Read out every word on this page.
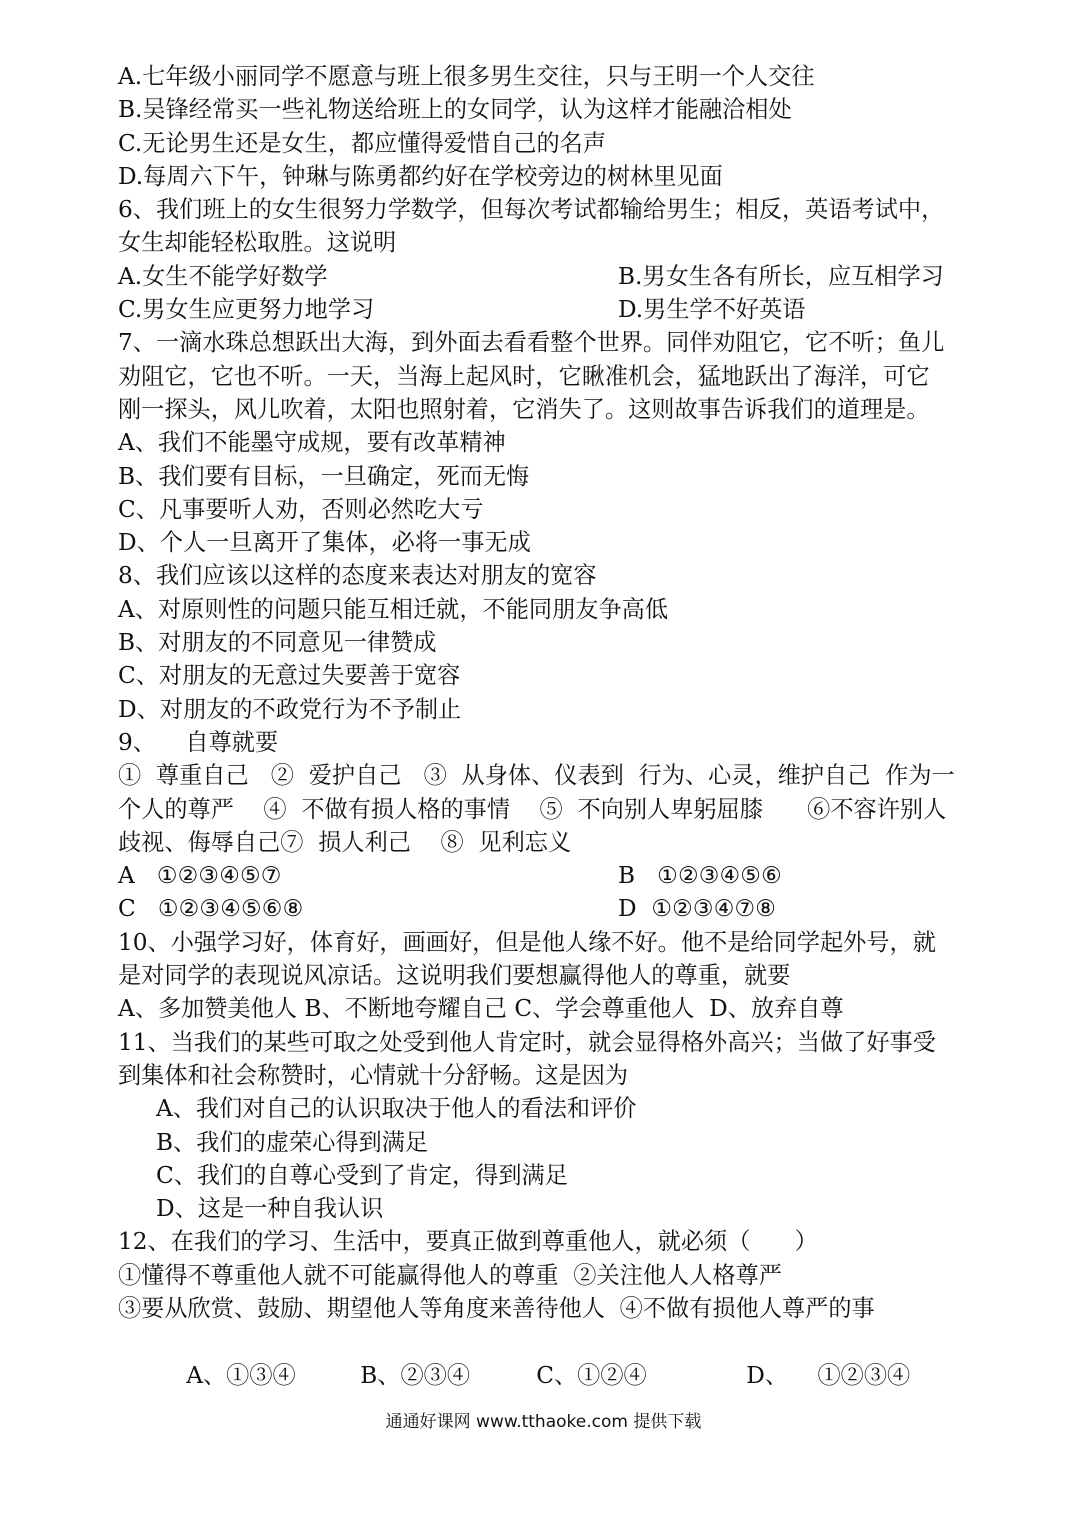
A.七年级小丽同学不愿意与班上很多男生交往，只与王明一个人交往
B.吴锋经常买一些礼物送给班上的女同学，认为这样才能融洽相处
C.无论男生还是女生，都应懂得爱惜自己的名声
D.每周六下午，钟琳与陈勇都约好在学校旁边的树林里见面
6、我们班上的女生很努力学数学，但每次考试都输给男生；相反，英语考试中，
女生却能轻松取胜。这说明
A.女生不能学好数学	B.男女生各有所长，应互相学习
C.男女生应更努力地学习	D.男生学不好英语
7、一滴水珠总想跃出大海，到外面去看看整个世界。同伴劝阻它，它不听；鱼儿
劝阻它，它也不听。一天，当海上起风时，它瞅准机会，猛地跃出了海洋，可它
刚一探头，风儿吹着，太阳也照射着，它消失了。这则故事告诉我们的道理是。
A、我们不能墨守成规，要有改革精神
B、我们要有目标，一旦确定，死而无悔
C、凡事要听人劝，否则必然吃大亏
D、个人一旦离开了集体，必将一事无成
8、我们应该以这样的态度来表达对朋友的宽容
A、对原则性的问题只能互相迁就，不能同朋友争高低
B、对朋友的不同意见一律赞成
C、对朋友的无意过失要善于宽容
D、对朋友的不政党行为不予制止
9、    自尊就要
①  尊重自己   ②  爱护自己   ③  从身体、仪表到  行为、心灵，维护自己  作为一
个人的尊严    ④  不做有损人格的事情    ⑤  不向别人卑躬屈膝      ⑥不容许别人
歧视、侮辱自己⑦  损人利己    ⑧  见利忘义
A   ①②③④⑤⑦	B   ①②③④⑤⑥
C   ①②③④⑤⑥⑧	D  ①②③④⑦⑧
10、小强学习好，体育好，画画好，但是他人缘不好。他不是给同学起外号，就
是对同学的表现说风凉话。这说明我们要想赢得他人的尊重，就要
A、多加赞美他人 B、不断地夸耀自己 C、学会尊重他人  D、放弃自尊
11、当我们的某些可取之处受到他人肯定时，就会显得格外高兴；当做了好事受
到集体和社会称赞时，心情就十分舒畅。这是因为
A、我们对自己的认识取决于他人的看法和评价
B、我们的虚荣心得到满足
C、我们的自尊心受到了肯定，得到满足
D、这是一种自我认识
12、在我们的学习、生活中，要真正做到尊重他人，就必须（      ）
①懂得不尊重他人就不可能赢得他人的尊重  ②关注他人人格尊严
③要从欣赏、鼓励、期望他人等角度来善待他人  ④不做有损他人尊严的事

A、①③④	B、②③④	C、①②④	D、    ①②③④

通通好课网 www.tthaoke.com 提供下载
